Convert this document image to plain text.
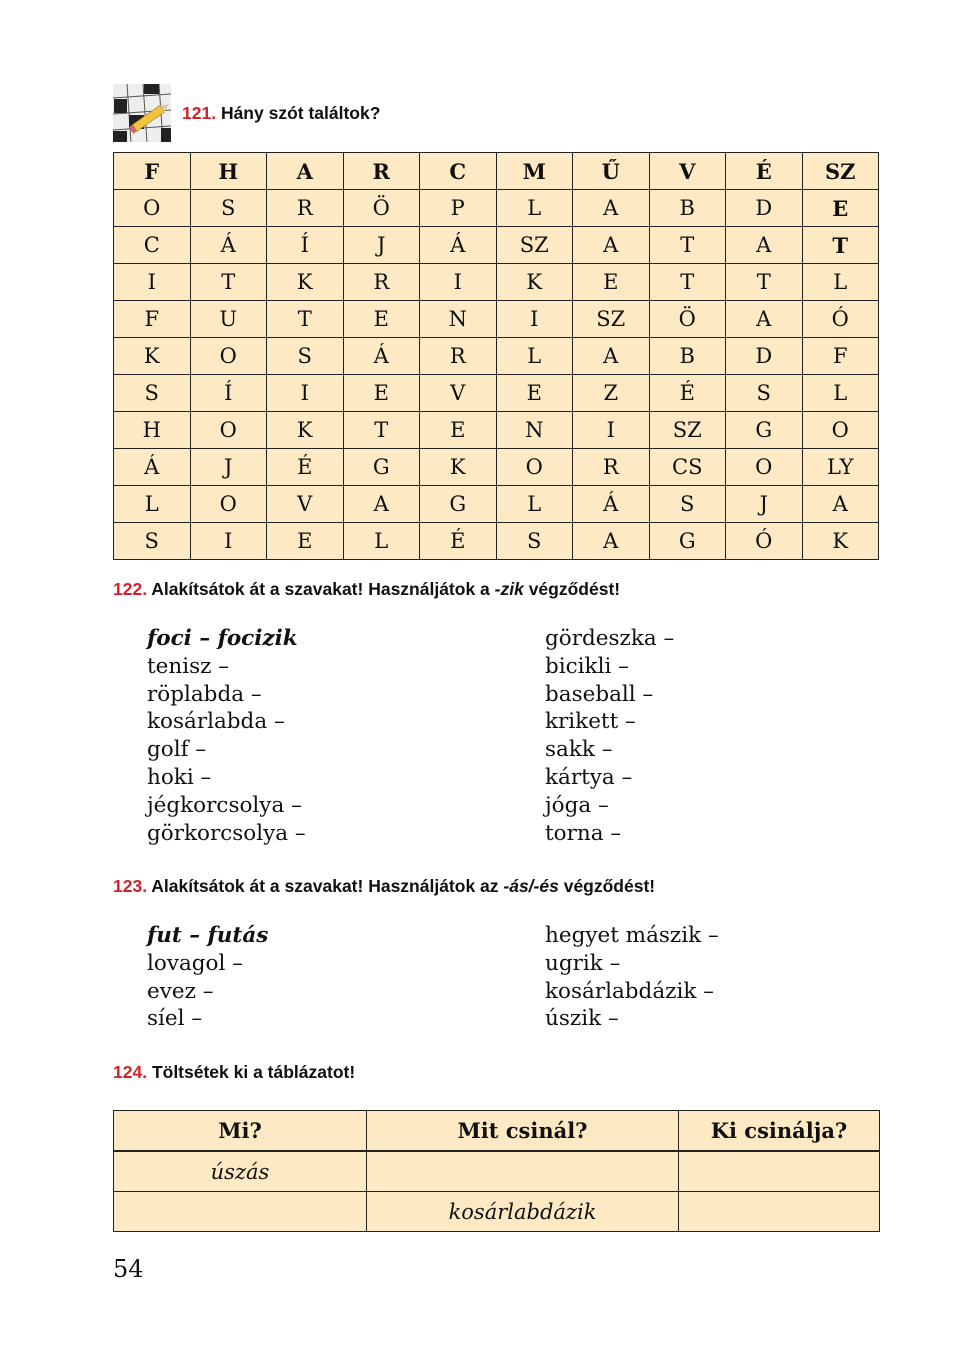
121. Hány szót találtok?
F	H	A	R	C	M	Ű	V	É	SZ
O	S	R	Ö	P	L	A	B	D	E
C	Á	Í	J	Á	SZ	A	T	A	T
I	T	K	R	I	K	E	T	T	L
F	U	T	E	N	I	SZ	Ö	A	Ó
K	O	S	Á	R	L	A	B	D	F
S	Í	I	E	V	E	Z	É	S	L
H	O	K	T	E	N	I	SZ	G	O
Á	J	É	G	K	O	R	CS	O	LY
L	O	V	A	G	L	Á	S	J	A
S	I	E	L	É	S	A	G	Ó	K
122. Alakítsátok át a szavakat! Használjátok a -zik végződést!
foci – focizik
tenisz –
röplabda –
kosárlabda –
golf –
hoki –
jégkorcsolya –
görkorcsolya –
gördeszka –
bicikli –
baseball –
krikett –
sakk –
kártya –
jóga –
torna –
123. Alakítsátok át a szavakat! Használjátok az -ás/-és végződést!
fut – futás
lovagol –
evez –
síel –
hegyet mászik –
ugrik –
kosárlabdázik –
úszik –
124. Töltsétek ki a táblázatot!
Mi?	Mit csinál?	Ki csinálja?
úszás		
	kosárlabdázik	
54
